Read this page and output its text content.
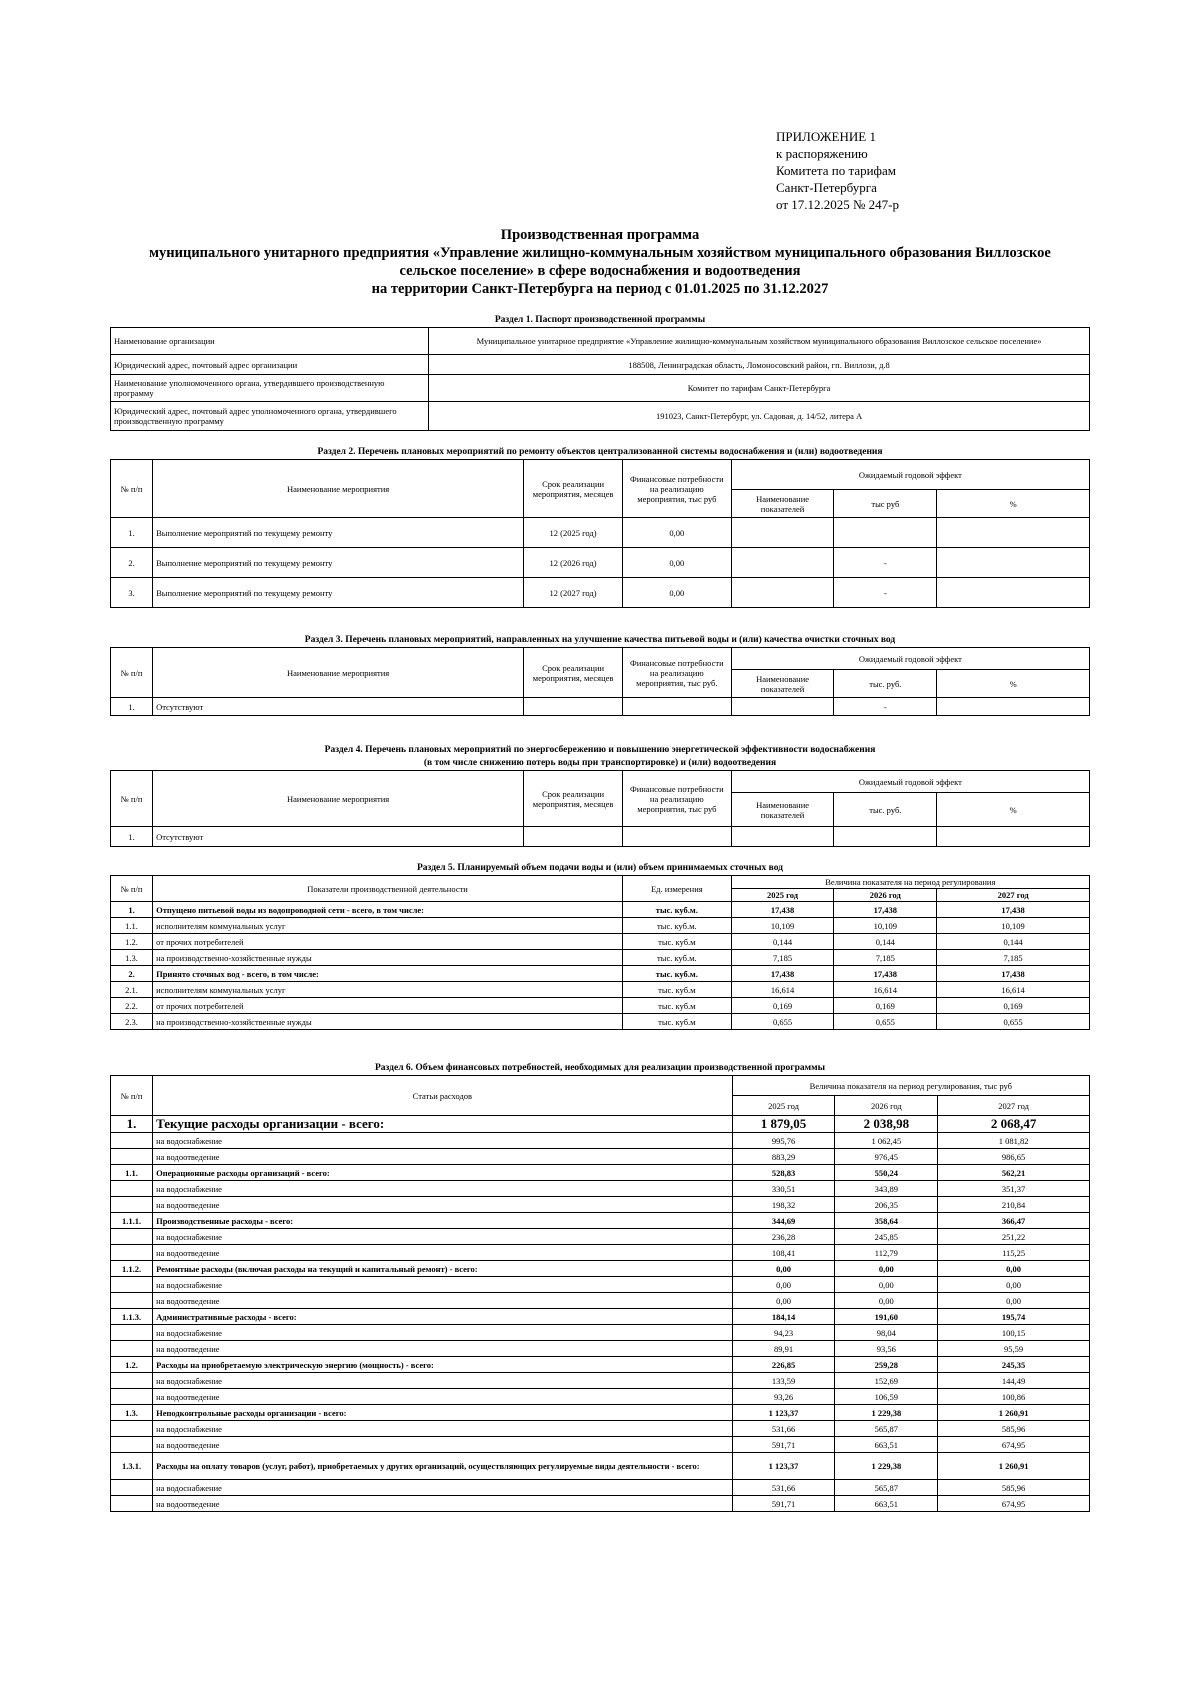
ПРИЛОЖЕНИЕ 1
к распоряжению
Комитета по тарифам
Санкт-Петербурга
от 17.12.2025 № 247-р
Производственная программа
муниципального унитарного предприятия «Управление жилищно-коммунальным хозяйством муниципального образования Виллозское
сельское поселение» в сфере водоснабжения и водоотведения
на территории Санкт-Петербурга на период с 01.01.2025 по 31.12.2027
Раздел 1. Паспорт производственной программы
Наименование организации	Муниципальное унитарное предприятие «Управление жилищно-коммунальным хозяйством муниципального образования Виллозское сельское поселение»
Юридический адрес, почтовый адрес организации	188508, Ленинградская область, Ломоносовский район, гп. Виллози, д.8
Наименование уполномоченного органа, утвердившего производственную программу	Комитет по тарифам Санкт-Петербурга
Юридический адрес, почтовый адрес уполномоченного органа, утвердившего производственную программу	191023, Санкт-Петербург, ул. Садовая, д. 14/52, литера А
Раздел 2. Перечень плановых мероприятий по ремонту объектов централизованной системы водоснабжения и (или) водоотведения
№ п/п	Наименование мероприятия	Срок реализации мероприятия, месяцев	Финансовые потребности на реализацию мероприятия, тыс руб	Ожидаемый годовой эффект		
				Наименование показателей	тыс руб	%
1.	Выполнение мероприятий по текущему ремонту	12 (2025 год)	0,00			
2.	Выполнение мероприятий по текущему ремонту	12 (2026 год)	0,00		-	
3.	Выполнение мероприятий по текущему ремонту	12 (2027 год)	0,00		-	
Раздел 3. Перечень плановых мероприятий, направленных на улучшение качества питьевой воды и (или) качества очистки сточных вод
№ п/п	Наименование мероприятия	Срок реализации мероприятия, месяцев	Финансовые потребности на реализацию мероприятия, тыс руб.	Ожидаемый годовой эффект		
				Наименование показателей	тыс. руб.	%
1.	Отсутствуют				-	
Раздел 4. Перечень плановых мероприятий по энергосбережению и повышению энергетической эффективности водоснабжения
(в том числе снижению потерь воды при транспортировке) и (или) водоотведения
№ п/п	Наименование мероприятия	Срок реализации мероприятия, месяцев	Финансовые потребности на реализацию мероприятия, тыс руб	Ожидаемый годовой эффект		
				Наименование показателей	тыс. руб.	%
1.	Отсутствуют					
Раздел 5. Планируемый объем подачи воды и (или) объем принимаемых сточных вод
№ п/п	Показатели производственной деятельности	Ед. измерения	Величина показателя на период регулирования		
			2025 год	2026 год	2027 год
1.	Отпущено питьевой воды из водопроводной сети - всего, в том числе:	тыс. куб.м.	17,438	17,438	17,438
1.1.	исполнителям коммунальных услуг	тыс. куб.м.	10,109	10,109	10,109
1.2.	от прочих потребителей	тыс. куб.м	0,144	0,144	0,144
1.3.	на производственно-хозяйственные нужды	тыс. куб.м.	7,185	7,185	7,185
2.	Принято сточных вод - всего, в том числе:	тыс. куб.м.	17,438	17,438	17,438
2.1.	исполнителям коммунальных услуг	тыс. куб.м	16,614	16,614	16,614
2.2.	от прочих потребителей	тыс. куб.м	0,169	0,169	0,169
2.3.	на производственно-хозяйственные нужды	тыс. куб.м	0,655	0,655	0,655
Раздел 6. Объем финансовых потребностей, необходимых для реализации производственной программы
№ п/п	Статьи расходов	Величина показателя на период регулирования, тыс руб		
		2025 год	2026 год	2027 год
1.	Текущие расходы организации - всего:	1 879,05	2 038,98	2 068,47
	на водоснабжение	995,76	1 062,45	1 081,82
	на водоотведение	883,29	976,45	986,65
1.1.	Операционные расходы организаций - всего:	528,83	550,24	562,21
	на водоснабжение	330,51	343,89	351,37
	на водоотведение	198,32	206,35	210,84
1.1.1.	Производственные расходы - всего:	344,69	358,64	366,47
	на водоснабжение	236,28	245,85	251,22
	на водоотведение	108,41	112,79	115,25
1.1.2.	Ремонтные расходы (включая расходы на текущий и капитальный ремонт) - всего:	0,00	0,00	0,00
	на водоснабжение	0,00	0,00	0,00
	на водоотведение	0,00	0,00	0,00
1.1.3.	Административные расходы - всего:	184,14	191,60	195,74
	на водоснабжение	94,23	98,04	100,15
	на водоотведение	89,91	93,56	95,59
1.2.	Расходы на приобретаемую электрическую энергию (мощность) - всего:	226,85	259,28	245,35
	на водоснабжение	133,59	152,69	144,49
	на водоотведение	93,26	106,59	100,86
1.3.	Неподконтрольные расходы организации - всего:	1 123,37	1 229,38	1 260,91
	на водоснабжение	531,66	565,87	585,96
	на водоотведение	591,71	663,51	674,95
1.3.1.	Расходы на оплату товаров (услуг, работ), приобретаемых у других организаций, осуществляющих регулируемые виды деятельности - всего:	1 123,37	1 229,38	1 260,91
	на водоснабжение	531,66	565,87	585,96
	на водоотведение	591,71	663,51	674,95
